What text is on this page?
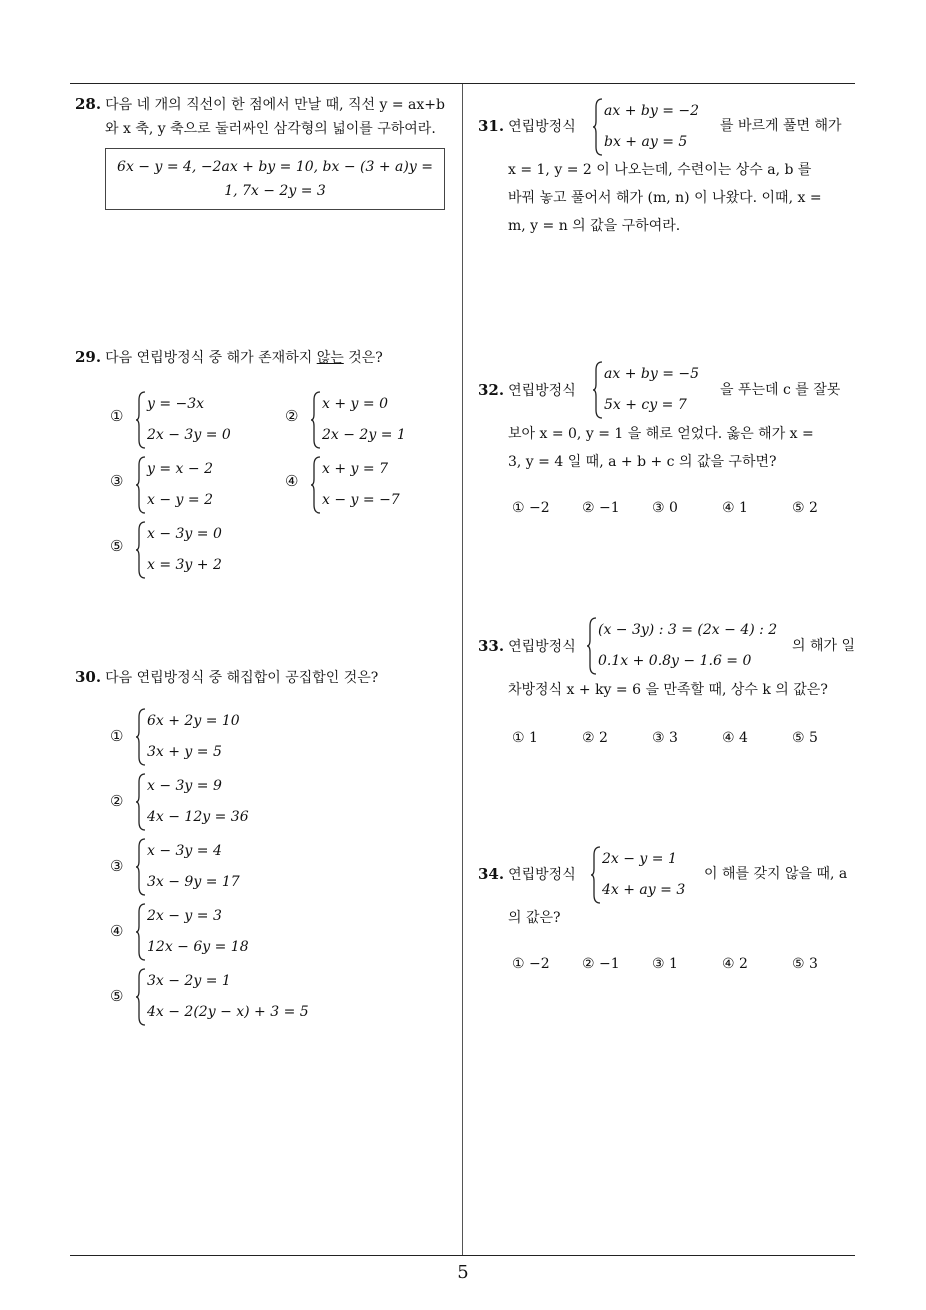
28. 다음 네 개의 직선이 한 점에서 만날 때, 직선 y = ax+b
와 x 축, y 축으로 둘러싸인 삼각형의 넓이를 구하여라.
6x − y = 4, −2ax + by = 10, bx − (3 + a)y =
1, 7x − 2y = 3
29. 다음 연립방정식 중 해가 존재하지 않는 것은?
①
y = −3x
2x − 3y = 0
②
x + y = 0
2x − 2y = 1
③
y = x − 2
x − y = 2
④
x + y = 7
x − y = −7
⑤
x − 3y = 0
x = 3y + 2
30. 다음 연립방정식 중 해집합이 공집합인 것은?
①
6x + 2y = 10
3x + y = 5
②
x − 3y = 9
4x − 12y = 36
③
x − 3y = 4
3x − 9y = 17
④
2x − y = 3
12x − 6y = 18
⑤
3x − 2y = 1
4x − 2(2y − x) + 3 = 5
31. 연립방정식
ax + by = −2
bx + ay = 5
를 바르게 풀면 해가
x = 1, y = 2 이 나오는데, 수련이는 상수 a, b 를
바꿔 놓고 풀어서 해가 (m, n) 이 나왔다. 이때, x =
m, y = n 의 값을 구하여라.
32. 연립방정식
ax + by = −5
5x + cy = 7
을 푸는데 c 를 잘못
보아 x = 0, y = 1 을 해로 얻었다. 옳은 해가 x =
3, y = 4 일 때, a + b + c 의 값을 구하면?
① −2 ② −1 ③ 0	④ 1	⑤ 2
33. 연립방정식
(x − 3y) : 3 = (2x − 4) : 2
0.1x + 0.8y − 1.6 = 0
의 해가 일
차방정식 x + ky = 6 을 만족할 때, 상수 k 의 값은?
① 1	② 2	③ 3	④ 4	⑤ 5
34. 연립방정식
2x − y = 1
4x + ay = 3
이 해를 갖지 않을 때, a
의 값은?
① −2 ② −1 ③ 1	④ 2	⑤ 3
5
